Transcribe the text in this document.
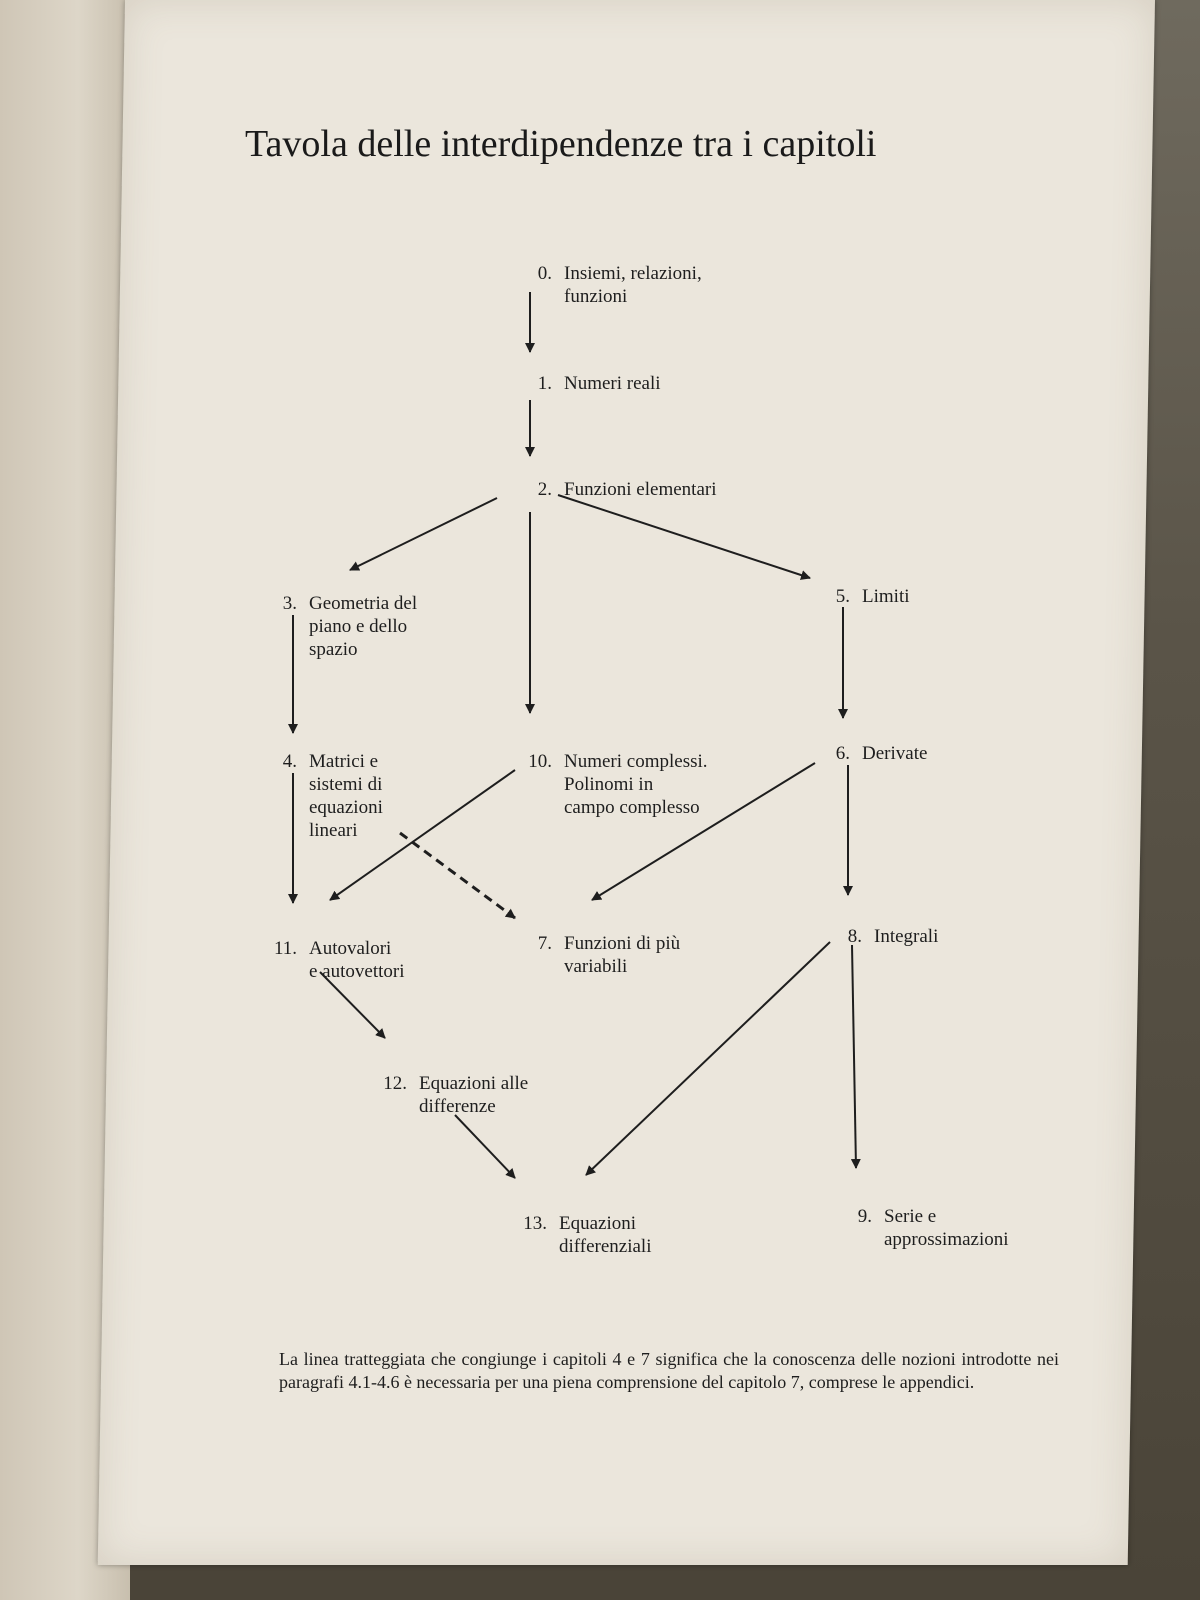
Tavola delle interdipendenze tra i capitoli
0. Insiemi, relazioni,
funzioni
1. Numeri reali
2. Funzioni elementari
3. Geometria del
piano e dello
spazio
4. Matrici e
sistemi di
equazioni
lineari
5. Limiti
6. Derivate
7. Funzioni di più
variabili
8. Integrali
9. Serie e
approssimazioni
10. Numeri complessi.
Polinomi in
campo complesso
11. Autovalori
e autovettori
12. Equazioni alle
differenze
13. Equazioni
differenziali
La linea tratteggiata che congiunge i capitoli 4 e 7 significa che la conoscenza delle nozioni introdotte nei paragrafi 4.1-4.6 è necessaria per una piena comprensione del capitolo 7, comprese le appendici.
